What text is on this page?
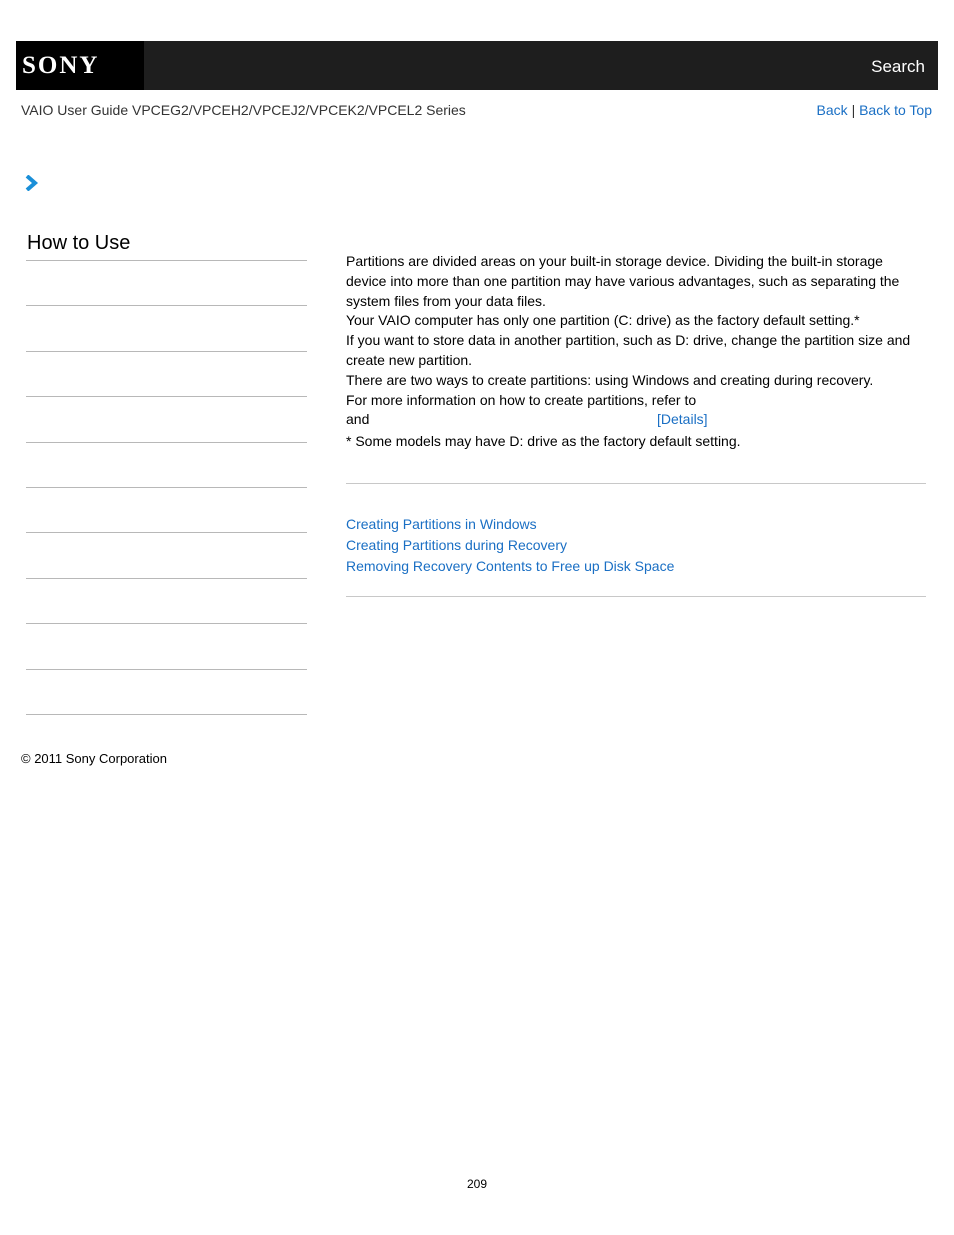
SONY	Search
VAIO User Guide VPCEG2/VPCEH2/VPCEJ2/VPCEK2/VPCEL2 Series	Back | Back to Top
How to Use

Partitions are divided areas on your built-in storage device. Dividing the built-in storage device into more than one partition may have various advantages, such as separating the system files from your data files.

Your VAIO computer has only one partition (C: drive) as the factory default setting.*

If you want to store data in another partition, such as D: drive, change the partition size and create new partition.

There are two ways to create partitions: using Windows and creating during recovery.

For more information on how to create partitions, refer to

and	[Details]

* Some models may have D: drive as the factory default setting.

Creating Partitions in Windows
Creating Partitions during Recovery
Removing Recovery Contents to Free up Disk Space
© 2011 Sony Corporation
209
